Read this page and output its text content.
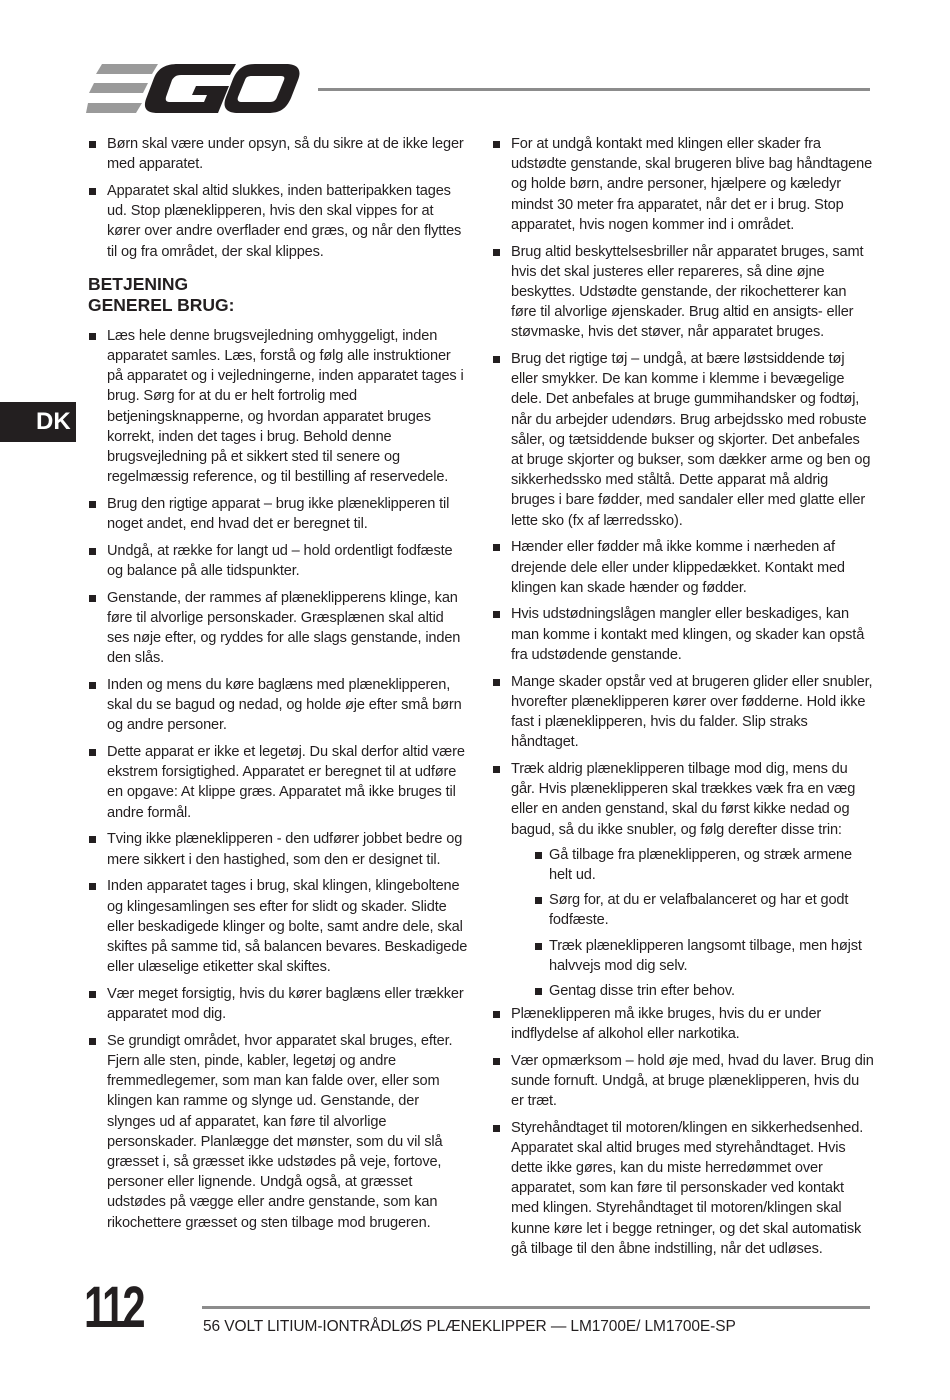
EGO
DK
Børn skal være under opsyn, så du sikre at de ikke leger med apparatet.
Apparatet skal altid slukkes, inden batteripakken tages ud. Stop plæneklipperen, hvis den skal vippes for at kører over andre overflader end græs, og når den flyttes til og fra området, der skal klippes.
BETJENING
GENEREL BRUG:
Læs hele denne brugsvejledning omhyggeligt, inden apparatet samles. Læs, forstå og følg alle instruktioner på apparatet og i vejledningerne, inden apparatet tages i brug. Sørg for at du er helt fortrolig med betjeningsknapperne, og hvordan apparatet bruges korrekt, inden det tages i brug. Behold denne brugsvejledning på et sikkert sted til senere og regelmæssig reference, og til bestilling af reservedele.
Brug den rigtige apparat – brug ikke plæneklipperen til noget andet, end hvad det er beregnet til.
Undgå, at række for langt ud – hold ordentligt fodfæste og balance på alle tidspunkter.
Genstande, der rammes af plæneklipperens klinge, kan føre til alvorlige personskader. Græsplænen skal altid ses nøje efter, og ryddes for alle slags genstande, inden den slås.
Inden og mens du køre baglæns med plæneklipperen, skal du se bagud og nedad, og holde øje efter små børn og andre personer.
Dette apparat er ikke et legetøj. Du skal derfor altid være ekstrem forsigtighed. Apparatet er beregnet til at udføre en opgave: At klippe græs. Apparatet må ikke bruges til andre formål.
Tving ikke plæneklipperen - den udfører jobbet bedre og mere sikkert i den hastighed, som den er designet til.
Inden apparatet tages i brug, skal klingen, klingeboltene og klingesamlingen ses efter for slidt og skader. Slidte eller beskadigede klinger og bolte, samt andre dele, skal skiftes på samme tid, så balancen bevares. Beskadigede eller ulæselige etiketter skal skiftes.
Vær meget forsigtig, hvis du kører baglæns eller trækker apparatet mod dig.
Se grundigt området, hvor apparatet skal bruges, efter. Fjern alle sten, pinde, kabler, legetøj og andre fremmedlegemer, som man kan falde over, eller som klingen kan ramme og slynge ud. Genstande, der slynges ud af apparatet, kan føre til alvorlige personskader. Planlægge det mønster, som du vil slå græsset i, så græsset ikke udstødes på veje, fortove, personer eller lignende. Undgå også, at græsset udstødes på vægge eller andre genstande, som kan rikochettere græsset og sten tilbage mod brugeren.
For at undgå kontakt med klingen eller skader fra udstødte genstande, skal brugeren blive bag håndtagene og holde børn, andre personer, hjælpere og kæledyr mindst 30 meter fra apparatet, når det er i brug. Stop apparatet, hvis nogen kommer ind i området.
Brug altid beskyttelsesbriller når apparatet bruges, samt hvis det skal justeres eller repareres, så dine øjne beskyttes. Udstødte genstande, der rikochetterer kan føre til alvorlige øjenskader. Brug altid en ansigts- eller støvmaske, hvis det støver, når apparatet bruges.
Brug det rigtige tøj – undgå, at bære løstsiddende tøj eller smykker. De kan komme i klemme i bevægelige dele. Det anbefales at bruge gummihandsker og fodtøj, når du arbejder udendørs. Brug arbejdssko med robuste såler, og tætsiddende bukser og skjorter. Det anbefales at bruge skjorter og bukser, som dækker arme og ben og sikkerhedssko med ståltå. Dette apparat må aldrig bruges i bare fødder, med sandaler eller med glatte eller lette sko (fx af lærredssko).
Hænder eller fødder må ikke komme i nærheden af drejende dele eller under klippedækket. Kontakt med klingen kan skade hænder og fødder.
Hvis udstødningslågen mangler eller beskadiges, kan man komme i kontakt med klingen, og skader kan opstå fra udstødende genstande.
Mange skader opstår ved at brugeren glider eller snubler, hvorefter plæneklipperen kører over fødderne. Hold ikke fast i plæneklipperen, hvis du falder. Slip straks håndtaget.
Træk aldrig plæneklipperen tilbage mod dig, mens du går. Hvis plæneklipperen skal trækkes væk fra en væg eller en anden genstand, skal du først kikke nedad og bagud, så du ikke snubler, og følg derefter disse trin:
Gå tilbage fra plæneklipperen, og stræk armene helt ud.
Sørg for, at du er velafbalanceret og har et godt fodfæste.
Træk plæneklipperen langsomt tilbage, men højst halvvejs mod dig selv.
Gentag disse trin efter behov.
Plæneklipperen må ikke bruges, hvis du er under indflydelse af alkohol eller narkotika.
Vær opmærksom – hold øje med, hvad du laver. Brug din sunde fornuft. Undgå, at bruge plæneklipperen, hvis du er træt.
Styrehåndtaget til motoren/klingen en sikkerhedsenhed. Apparatet skal altid bruges med styrehåndtaget. Hvis dette ikke gøres, kan du miste herredømmet over apparatet, som kan føre til personskader ved kontakt med klingen. Styrehåndtaget til motoren/klingen skal kunne køre let i begge retninger, og det skal automatisk gå tilbage til den åbne indstilling, når det udløses.
112	56 VOLT LITIUM-IONTRÅDLØS PLÆNEKLIPPER — LM1700E/ LM1700E-SP
